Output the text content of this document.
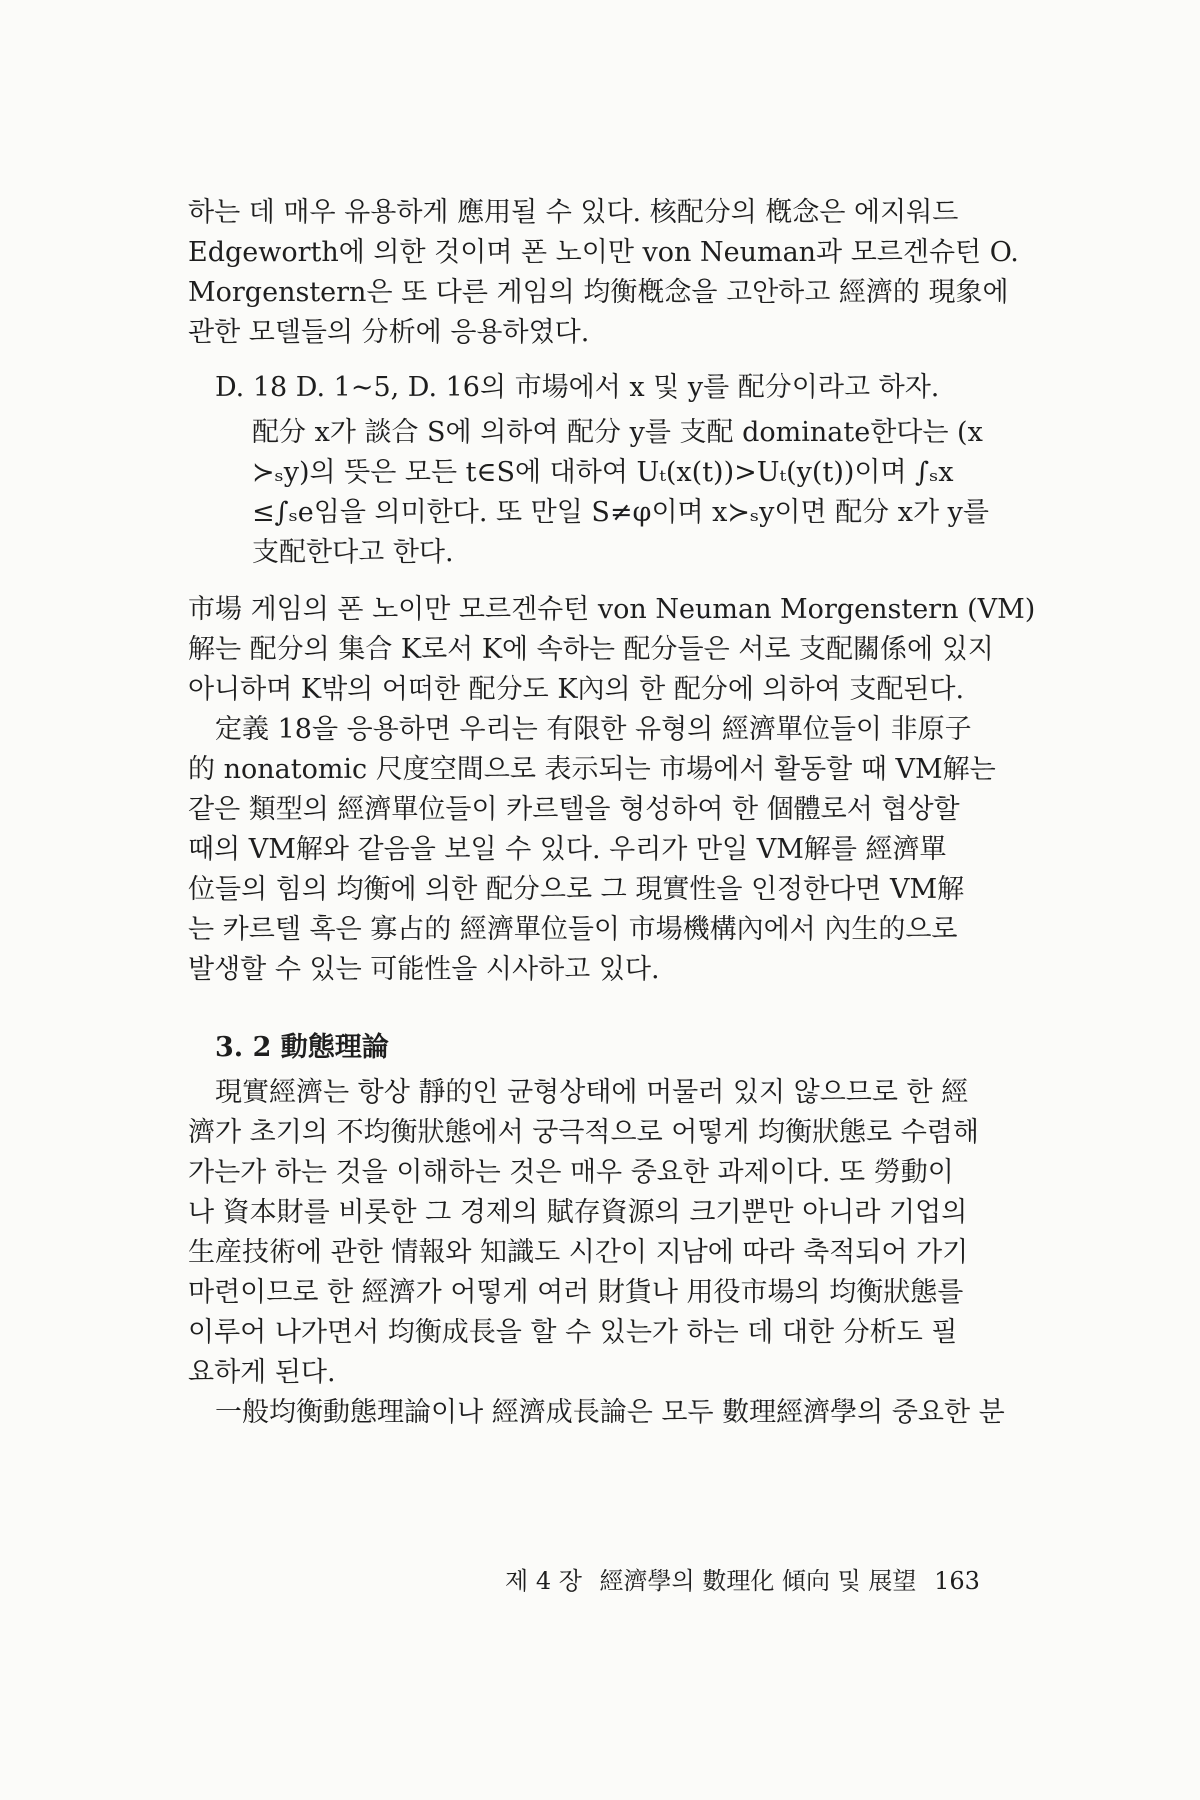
하는 데 매우 유용하게 應用될 수 있다. 核配分의 槪念은 에지워드
Edgeworth에 의한 것이며 폰 노이만 von Neuman과 모르겐슈턴 O.
Morgenstern은 또 다른 게임의 均衡槪念을 고안하고 經濟的 現象에
관한 모델들의 分析에 응용하였다.
D. 18 D. 1∼5, D. 16의 市場에서 x 및 y를 配分이라고 하자.
配分 x가 談合 S에 의하여 配分 y를 支配 dominate한다는 (x
≻ₛy)의 뜻은 모든 t∈S에 대하여 Uₜ(x(t))>Uₜ(y(t))이며 ∫ₛx
≤∫ₛe임을 의미한다. 또 만일 S≠φ이며 x≻ₛy이면 配分 x가 y를
支配한다고 한다.
市場 게임의 폰 노이만 모르겐슈턴 von Neuman Morgenstern (VM)
解는 配分의 集合 K로서 K에 속하는 配分들은 서로 支配關係에 있지
아니하며 K밖의 어떠한 配分도 K內의 한 配分에 의하여 支配된다.
定義 18을 응용하면 우리는 有限한 유형의 經濟單位들이 非原子
的 nonatomic 尺度空間으로 表示되는 市場에서 활동할 때 VM解는
같은 類型의 經濟單位들이 카르텔을 형성하여 한 個體로서 협상할
때의 VM解와 같음을 보일 수 있다. 우리가 만일 VM解를 經濟單
位들의 힘의 均衡에 의한 配分으로 그 現實性을 인정한다면 VM解
는 카르텔 혹은 寡占的 經濟單位들이 市場機構內에서 內生的으로
발생할 수 있는 可能性을 시사하고 있다.
3. 2 動態理論
現實經濟는 항상 靜的인 균형상태에 머물러 있지 않으므로 한 經
濟가 초기의 不均衡狀態에서 궁극적으로 어떻게 均衡狀態로 수렴해
가는가 하는 것을 이해하는 것은 매우 중요한 과제이다. 또 勞動이
나 資本財를 비롯한 그 경제의 賦存資源의 크기뿐만 아니라 기업의
生産技術에 관한 情報와 知識도 시간이 지남에 따라 축적되어 가기
마련이므로 한 經濟가 어떻게 여러 財貨나 用役市場의 均衡狀態를
이루어 나가면서 均衡成長을 할 수 있는가 하는 데 대한 分析도 필
요하게 된다.
一般均衡動態理論이나 經濟成長論은 모두 數理經濟學의 중요한 분
제 4 장 經濟學의 數理化 傾向 및 展望 163
